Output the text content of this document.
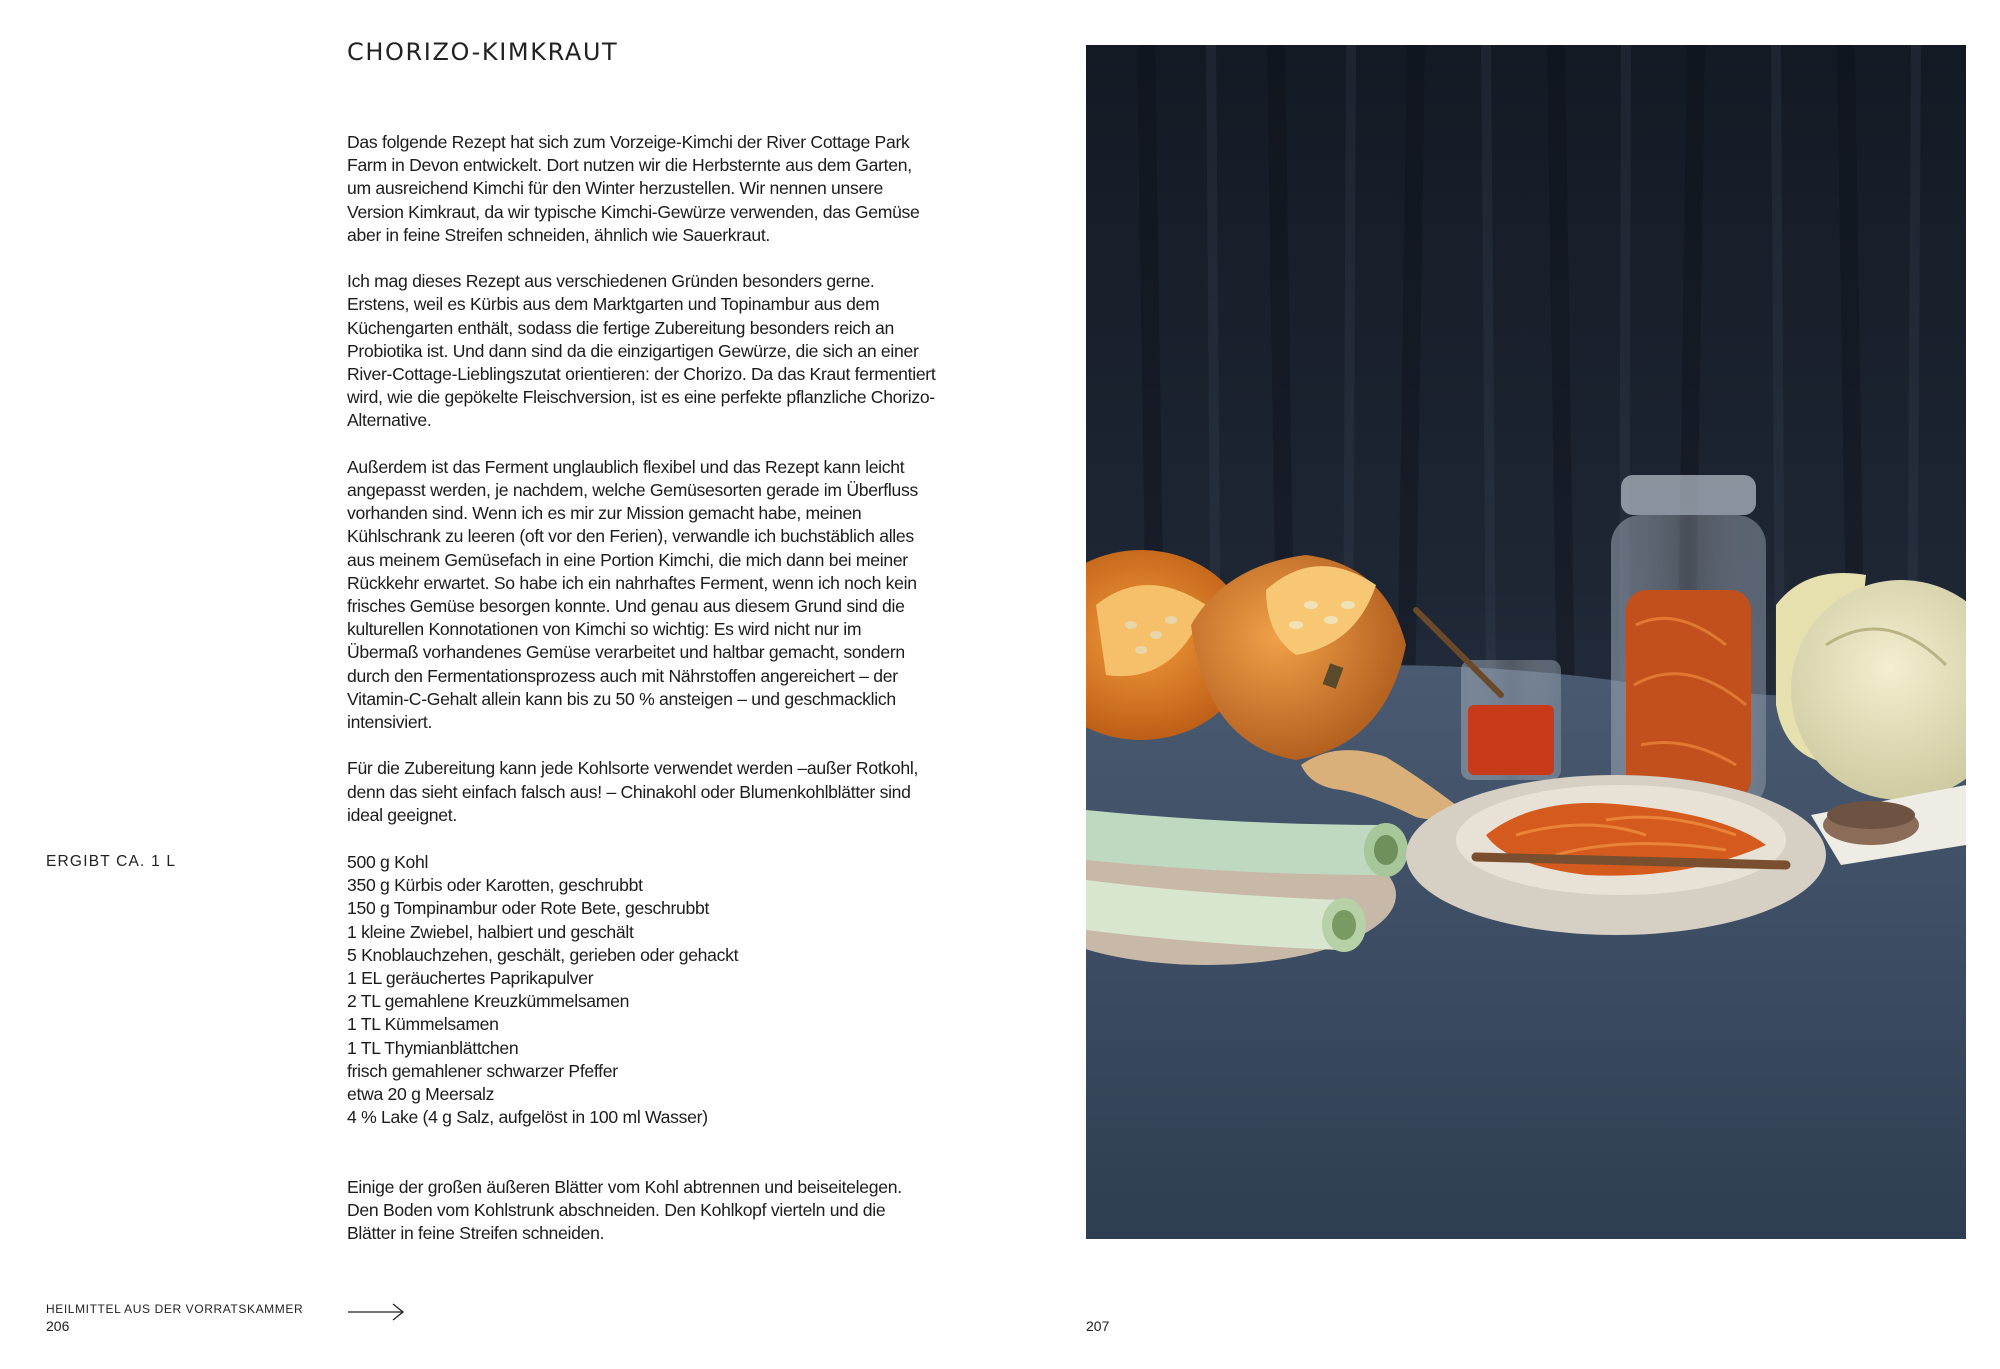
CHORIZO-KIMKRAUT

Das folgende Rezept hat sich zum Vorzeige-Kimchi der River Cottage Park Farm in Devon entwickelt. Dort nutzen wir die Herbsternte aus dem Garten, um ausreichend Kimchi für den Winter herzustellen. Wir nennen unsere Version Kimkraut, da wir typische Kimchi-Gewürze verwenden, das Gemüse aber in feine Streifen schneiden, ähnlich wie Sauerkraut.

Ich mag dieses Rezept aus verschiedenen Gründen besonders gerne. Erstens, weil es Kürbis aus dem Marktgarten und Topinambur aus dem Küchengarten enthält, sodass die fertige Zubereitung besonders reich an Probiotika ist. Und dann sind da die einzigartigen Gewürze, die sich an einer River-Cottage-Lieblingszutat orientieren: der Chorizo. Da das Kraut fermentiert wird, wie die gepökelte Fleischversion, ist es eine perfekte pflanzliche Chorizo-Alternative.

Außerdem ist das Ferment unglaublich flexibel und das Rezept kann leicht angepasst werden, je nachdem, welche Gemüsesorten gerade im Überfluss vorhanden sind. Wenn ich es mir zur Mission gemacht habe, meinen Kühlschrank zu leeren (oft vor den Ferien), verwandle ich buchstäblich alles aus meinem Gemüsefach in eine Portion Kimchi, die mich dann bei meiner Rückkehr erwartet. So habe ich ein nahrhaftes Ferment, wenn ich noch kein frisches Gemüse besorgen konnte. Und genau aus diesem Grund sind die kulturellen Konnotationen von Kimchi so wichtig: Es wird nicht nur im Übermaß vorhandenes Gemüse verarbeitet und haltbar gemacht, sondern durch den Fermentationsprozess auch mit Nährstoffen angereichert – der Vitamin-C-Gehalt allein kann bis zu 50 % ansteigen – und geschmacklich intensiviert.

Für die Zubereitung kann jede Kohlsorte verwendet werden –außer Rotkohl, denn das sieht einfach falsch aus! – Chinakohl oder Blumenkohlblätter sind ideal geeignet.

ERGIBT CA. 1 L	500 g Kohl
350 g Kürbis oder Karotten, geschrubbt
150 g Tompinambur oder Rote Bete, geschrubbt
1 kleine Zwiebel, halbiert und geschält
5 Knoblauchzehen, geschält, gerieben oder gehackt
1 EL geräuchertes Paprikapulver
2 TL gemahlene Kreuzkümmelsamen
1 TL Kümmelsamen
1 TL Thymianblättchen
frisch gemahlener schwarzer Pfeffer
etwa 20 g Meersalz
4 % Lake (4 g Salz, aufgelöst in 100 ml Wasser)

Einige der großen äußeren Blätter vom Kohl abtrennen und beiseitelegen. Den Boden vom Kohlstrunk abschneiden. Den Kohlkopf vierteln und die Blätter in feine Streifen schneiden.

HEILMITTEL AUS DER VORRATSKAMMER
206	207
